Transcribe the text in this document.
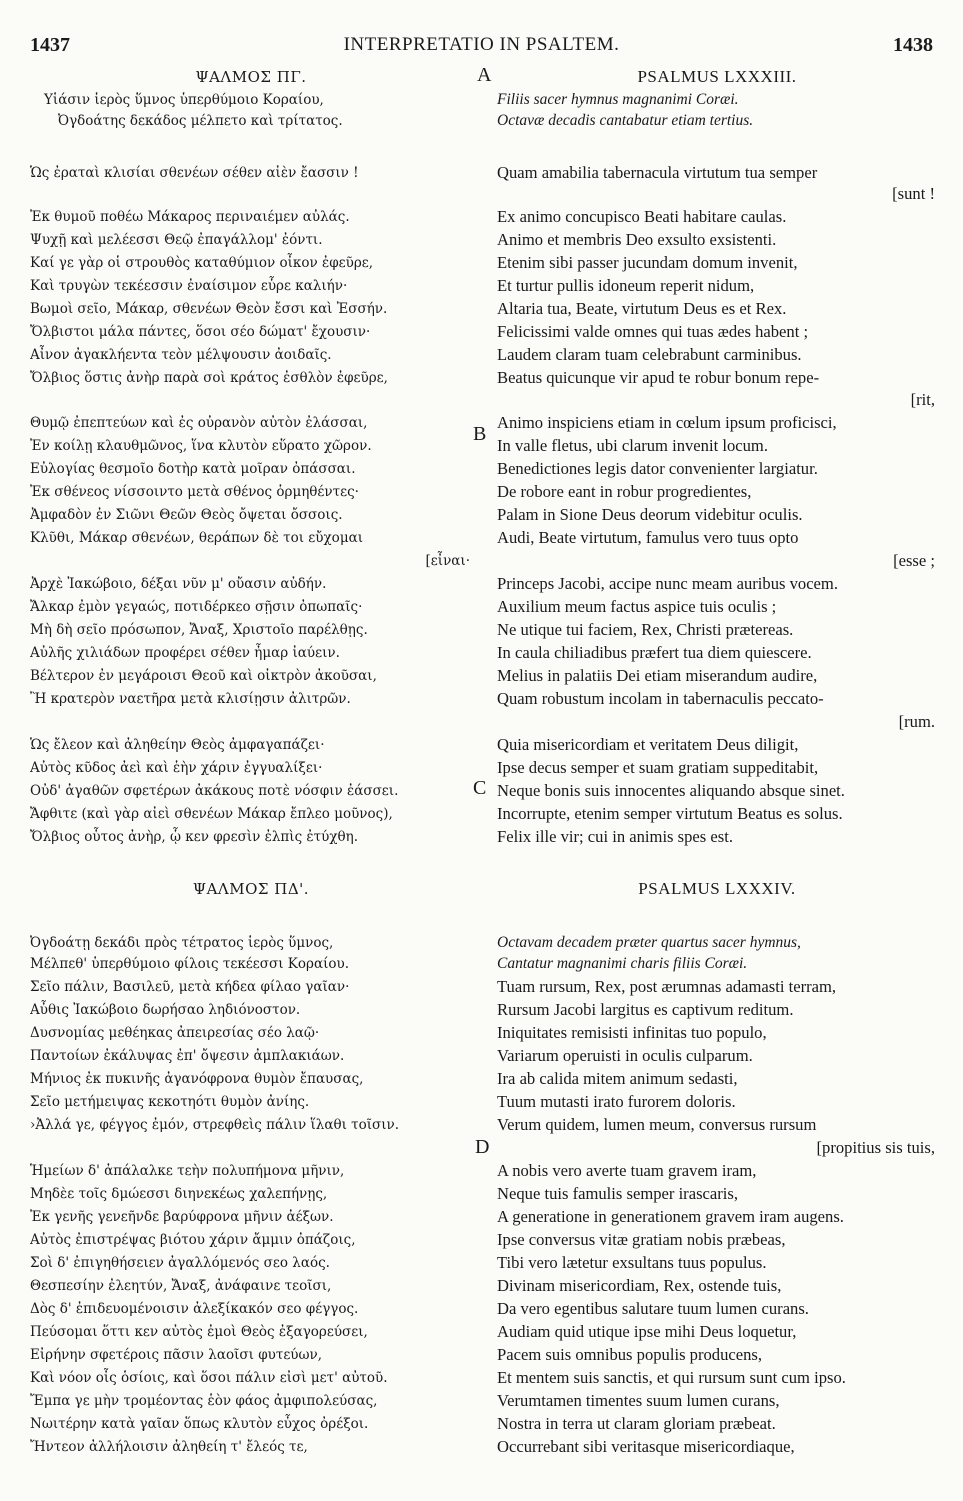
1437	INTERPRETATIO IN PSALTEM.	1438
ΨΑΛΜΟΣ ΠΓ.
Υἱάσιν ἱερὸς ὕμνος ὑπερθύμοιο Κοραίου,
Ὀγδοάτης δεκάδος μέλπετο καὶ τρίτατος.
Ὡς ἐραταὶ κλισίαι σθενέων σέθεν αἰὲν ἔασσιν !
Ἐκ θυμοῦ ποθέω Μάκαρος περιναιέμεν αὐλάς.
Ψυχῇ καὶ μελέεσσι Θεῷ ἐπαγάλλομ' ἐόντι.
Καί γε γὰρ οἱ στρουθὸς καταθύμιον οἶκον ἐφεῦρε,
Καὶ τρυγὼν τεκέεσσιν ἐναίσιμον εὗρε καλιήν·
Βωμοὶ σεῖο, Μάκαρ, σθενέων Θεὸν ἔσσι καὶ Ἐσσήν.
Ὄλβιστοι μάλα πάντες, ὅσοι σέο δώματ' ἔχουσιν·
Αἶνον ἀγακλήεντα τεὸν μέλψουσιν ἀοιδαῖς.
Ὄλβιος ὅστις ἀνὴρ παρὰ σοὶ κράτος ἐσθλὸν ἐφεῦρε,
Θυμῷ ἐπεπτεύων καὶ ἐς οὐρανὸν αὐτὸν ἐλάσσαι,
Ἐν κοίλῃ κλαυθμῶνος, ἵνα κλυτὸν εὕρατο χῶρον.
Εὐλογίας θεσμοῖο δοτὴρ κατὰ μοῖραν ὀπάσσαι.
Ἐκ σθένεος νίσσοιντο μετὰ σθένος ὁρμηθέντες·
Ἀμφαδὸν ἐν Σιῶνι Θεῶν Θεὸς ὄψεται ὄσσοις.
Κλῦθι, Μάκαρ σθενέων, θεράπων δὲ τοι εὔχομαι
[εἶναι·
Ἀρχὲ Ἰακώβοιο, δέξαι νῦν μ' οὔασιν αὐδήν.
Ἄλκαρ ἐμὸν γεγαώς, ποτιδέρκεο σῇσιν ὀπωπαῖς·
Μὴ δὴ σεῖο πρόσωπον, Ἄναξ, Χριστοῖο παρέλθῃς.
Αὐλῆς χιλιάδων προφέρει σέθεν ἦμαρ ἰαύειν.
Βέλτερον ἐν μεγάροισι Θεοῦ καὶ οἰκτρὸν ἀκοῦσαι,
Ἢ κρατερὸν ναετῆρα μετὰ κλισίῃσιν ἀλιτρῶν.
Ὡς ἔλεον καὶ ἀληθείην Θεὸς ἀμφαγαπάζει·
Αὐτὸς κῦδος ἀεὶ καὶ ἑὴν χάριν ἐγγυαλίξει·
Οὐδ' ἀγαθῶν σφετέρων ἀκάκους ποτὲ νόσφιν ἐάσσει.
Ἄφθιτε (καὶ γὰρ αἰεὶ σθενέων Μάκαρ ἔπλεο μοῦνος),
Ὄλβιος οὗτος ἀνὴρ, ᾧ κεν φρεσὶν ἐλπὶς ἐτύχθη.
ΨΑΛΜΟΣ ΠΔ'.
Ὀγδοάτῃ δεκάδι πρὸς τέτρατος ἱερὸς ὕμνος,
Μέλπεθ' ὑπερθύμοιο φίλοις τεκέεσσι Κοραίου.
Σεῖο πάλιν, Βασιλεῦ, μετὰ κήδεα φίλαο γαῖαν·
Αὖθις Ἰακώβοιο δωρήσαο ληδιόνοστον.
Δυσνομίας μεθέηκας ἀπειρεσίας σέο λαῷ·
Παντοίων ἐκάλυψας ἐπ' ὄψεσιν ἀμπλακιάων.
Μήνιος ἐκ πυκινῆς ἀγανόφρονα θυμὸν ἔπαυσας,
Σεῖο μετήμειψας κεκοτηότι θυμὸν ἀνίης.
›Ἀλλά γε, φέγγος ἐμόν, στρεφθεὶς πάλιν ἵλαθι τοῖσιν.
Ἡμείων δ' ἀπάλαλκε τεὴν πολυπήμονα μῆνιν,
Μηδὲε τοῖς δμώεσσι διηνεκέως χαλεπήνῃς,
Ἐκ γενῆς γενεῆνδε βαρύφρονα μῆνιν ἀέξων.
Αὐτὸς ἐπιστρέψας βιότου χάριν ἄμμιν ὀπάζοις,
Σοὶ δ' ἐπιγηθήσειεν ἀγαλλόμενός σεο λαός.
Θεσπεσίην ἐλεητύν, Ἄναξ, ἀνάφαινε τεοῖσι,
Δὸς δ' ἐπιδευομένοισιν ἀλεξίκακόν σεο φέγγος.
Πεύσομαι ὅττι κεν αὐτὸς ἐμοὶ Θεὸς ἐξαγορεύσει,
Εἰρήνην σφετέροις πᾶσιν λαοῖσι φυτεύων,
Καὶ νόον οἷς ὁσίοις, καὶ ὅσοι πάλιν εἰσὶ μετ' αὐτοῦ.
Ἔμπα γε μὴν τρομέοντας ἑὸν φάος ἀμφιπολεύσας,
Νωιτέρην κατὰ γαῖαν ὅπως κλυτὸν εὖχος ὀρέξοι.
Ἤντεον ἀλλήλοισιν ἀληθείη τ' ἔλεός τε,
PSALMUS LXXXIII.
Filiis sacer hymnus magnanimi Coræi.
Octavæ decadis cantabatur etiam tertius.
Quam amabilia tabernacula virtutum tua semper
[sunt !
Ex animo concupisco Beati habitare caulas.
Animo et membris Deo exsulto exsistenti.
Etenim sibi passer jucundam domum invenit,
Et turtur pullis idoneum reperit nidum,
Altaria tua, Beate, virtutum Deus es et Rex.
Felicissimi valde omnes qui tuas ædes habent ;
Laudem claram tuam celebrabunt carminibus.
Beatus quicunque vir apud te robur bonum repe-
[rit,
Animo inspiciens etiam in cœlum ipsum proficisci,
In valle fletus, ubi clarum invenit locum.
Benedictiones legis dator convenienter largiatur.
De robore eant in robur progredientes,
Palam in Sione Deus deorum videbitur oculis.
Audi, Beate virtutum, famulus vero tuus opto
[esse ;
Princeps Jacobi, accipe nunc meam auribus vocem.
Auxilium meum factus aspice tuis oculis ;
Ne utique tui faciem, Rex, Christi prætereas.
In caula chiliadibus præfert tua diem quiescere.
Melius in palatiis Dei etiam miserandum audire,
Quam robustum incolam in tabernaculis peccato-
[rum.
Quia misericordiam et veritatem Deus diligit,
Ipse decus semper et suam gratiam suppeditabit,
Neque bonis suis innocentes aliquando absque sinet.
Incorrupte, etenim semper virtutum Beatus es solus.
Felix ille vir; cui in animis spes est.
PSALMUS LXXXIV.
Octavam decadem præter quartus sacer hymnus,
Cantatur magnanimi charis filiis Coræi.
Tuam rursum, Rex, post ærumnas adamasti terram,
Rursum Jacobi largitus es captivum reditum.
Iniquitates remisisti infinitas tuo populo,
Variarum operuisti in oculis culparum.
Ira ab calida mitem animum sedasti,
Tuum mutasti irato furorem doloris.
Verum quidem, lumen meum, conversus rursum
[propitius sis tuis,
A nobis vero averte tuam gravem iram,
Neque tuis famulis semper irascaris,
A generatione in generationem gravem iram augens.
Ipse conversus vitæ gratiam nobis præbeas,
Tibi vero lætetur exsultans tuus populus.
Divinam misericordiam, Rex, ostende tuis,
Da vero egentibus salutare tuum lumen curans.
Audiam quid utique ipse mihi Deus loquetur,
Pacem suis omnibus populis producens,
Et mentem suis sanctis, et qui rursum sunt cum ipso.
Verumtamen timentes suum lumen curans,
Nostra in terra ut claram gloriam præbeat.
Occurrebant sibi veritasque misericordiaque,
A
B
C
D
